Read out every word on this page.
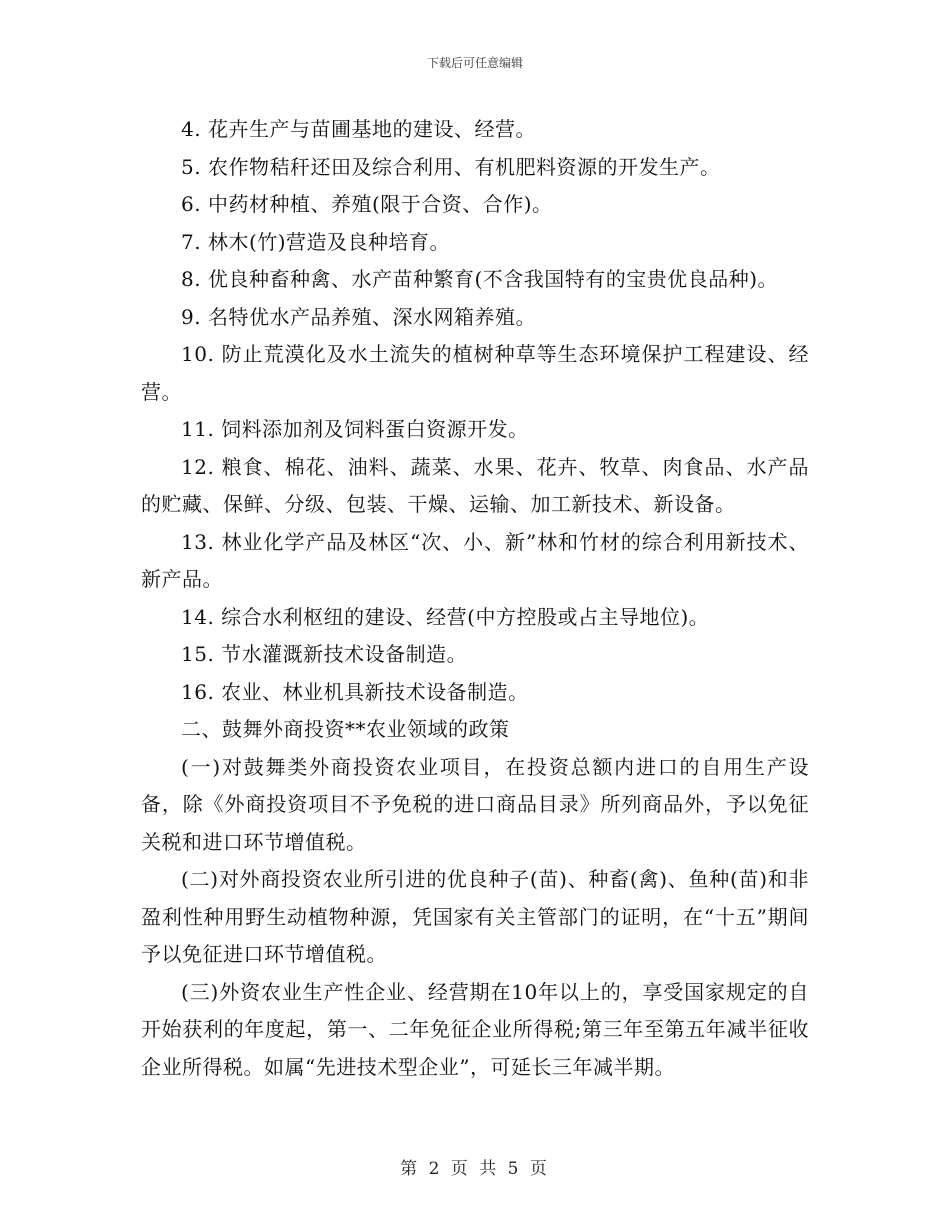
下载后可任意编辑

4. 花卉生产与苗圃基地的建设、经营。

5. 农作物秸秆还田及综合利用、有机肥料资源的开发生产。

6. 中药材种植、养殖(限于合资、合作)。

7. 林木(竹)营造及良种培育。

8. 优良种畜种禽、水产苗种繁育(不含我国特有的宝贵优良品种)。

9. 名特优水产品养殖、深水网箱养殖。

10. 防止荒漠化及水土流失的植树种草等生态环境保护工程建设、经营。

11. 饲料添加剂及饲料蛋白资源开发。

12. 粮食、棉花、油料、蔬菜、水果、花卉、牧草、肉食品、水产品的贮藏、保鲜、分级、包装、干燥、运输、加工新技术、新设备。

13. 林业化学产品及林区“次、小、新”林和竹材的综合利用新技术、新产品。

14. 综合水利枢纽的建设、经营(中方控股或占主导地位)。

15. 节水灌溉新技术设备制造。

16. 农业、林业机具新技术设备制造。

二、鼓舞外商投资**农业领域的政策

(一)对鼓舞类外商投资农业项目，在投资总额内进口的自用生产设备，除《外商投资项目不予免税的进口商品目录》所列商品外，予以免征关税和进口环节增值税。

(二)对外商投资农业所引进的优良种子(苗)、种畜(禽)、鱼种(苗)和非盈利性种用野生动植物种源，凭国家有关主管部门的证明，在“十五”期间予以免征进口环节增值税。

(三)外资农业生产性企业、经营期在10年以上的，享受国家规定的自开始获利的年度起，第一、二年免征企业所得税;第三年至第五年减半征收企业所得税。如属“先进技术型企业”，可延长三年减半期。

第 2 页 共 5 页
